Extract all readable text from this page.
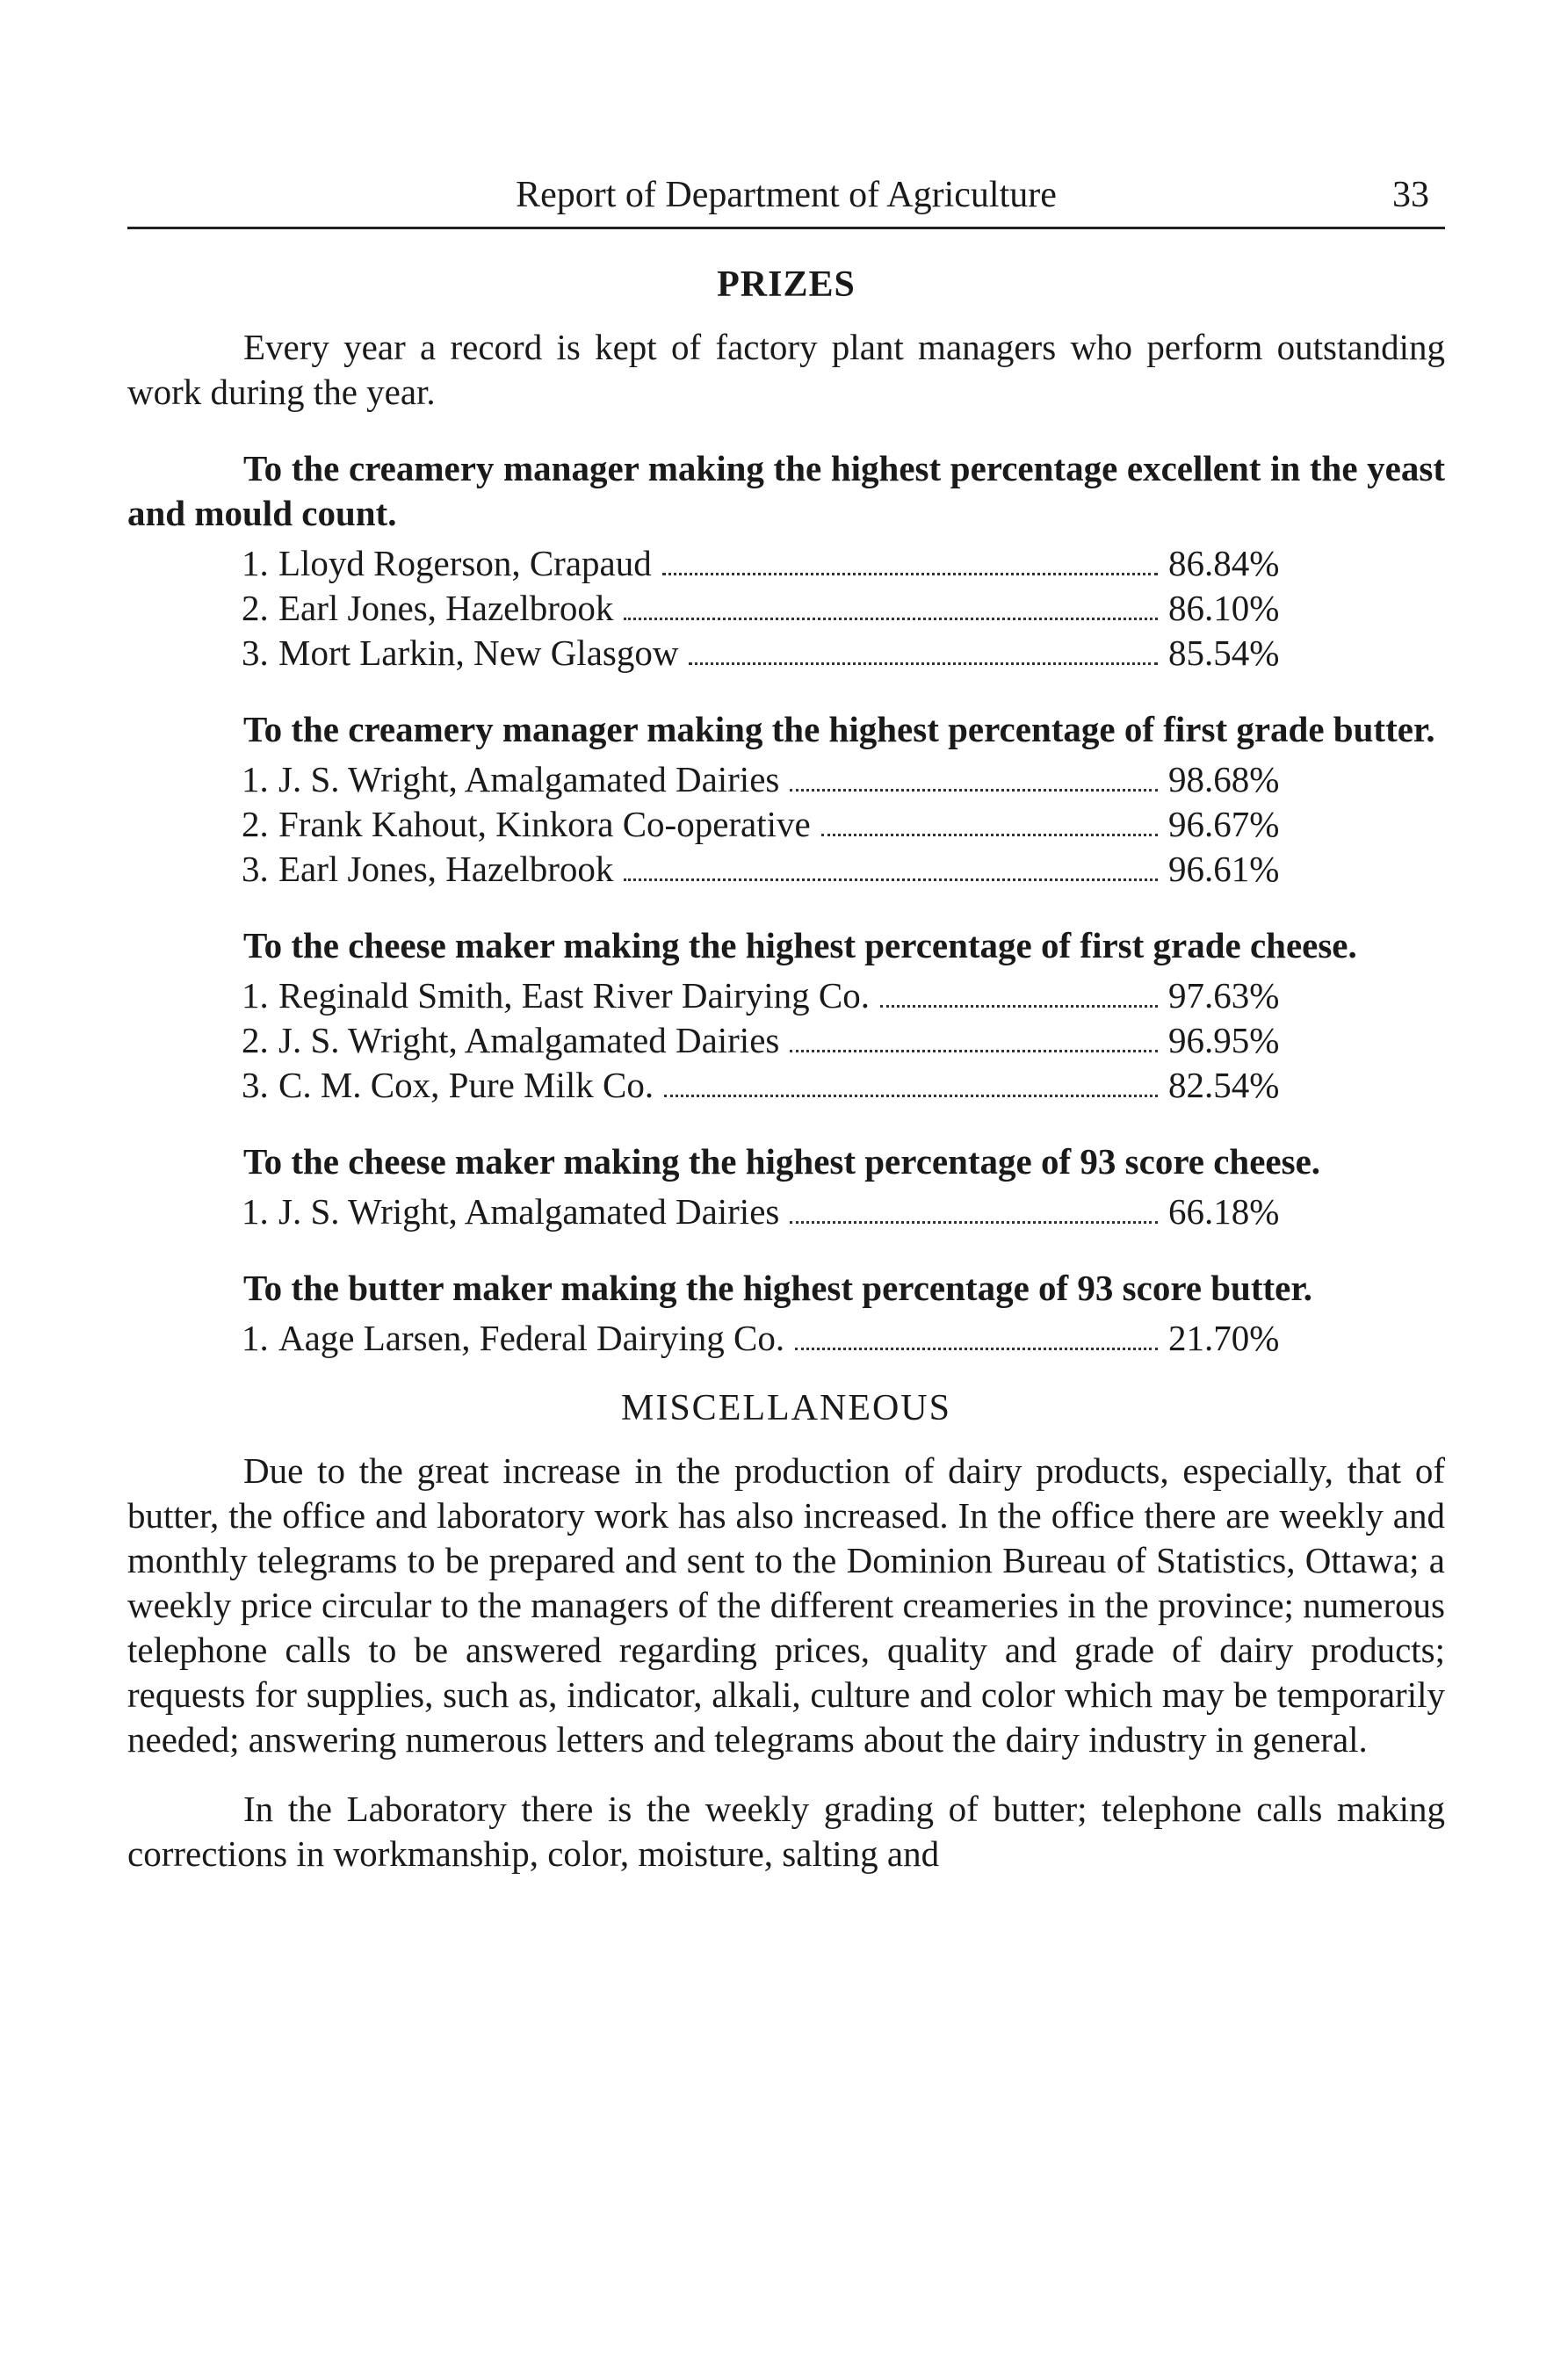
Report of Department of Agriculture	33
PRIZES

Every year a record is kept of factory plant managers who perform outstanding work during the year.

To the creamery manager making the highest percentage excellent in the yeast and mould count.

1. Lloyd Rogerson, Crapaud	86.84%
2. Earl Jones, Hazelbrook	86.10%
3. Mort Larkin, New Glasgow	85.54%

To the creamery manager making the highest percentage of first grade butter.

1. J. S. Wright, Amalgamated Dairies	98.68%
2. Frank Kahout, Kinkora Co-operative	96.67%
3. Earl Jones, Hazelbrook	96.61%

To the cheese maker making the highest percentage of first grade cheese.

1. Reginald Smith, East River Dairying Co.	97.63%
2. J. S. Wright, Amalgamated Dairies	96.95%
3. C. M. Cox, Pure Milk Co.	82.54%

To the cheese maker making the highest percentage of 93 score cheese.

1. J. S. Wright, Amalgamated Dairies	66.18%

To the butter maker making the highest percentage of 93 score butter.

1. Aage Larsen, Federal Dairying Co.	21.70%
MISCELLANEOUS

Due to the great increase in the production of dairy products, especially, that of butter, the office and laboratory work has also increased. In the office there are weekly and monthly telegrams to be prepared and sent to the Dominion Bureau of Statistics, Ottawa; a weekly price circular to the managers of the different creameries in the province; numerous telephone calls to be answered regarding prices, quality and grade of dairy products; requests for supplies, such as, indicator, alkali, culture and color which may be temporarily needed; answering numerous letters and telegrams about the dairy industry in general.

In the Laboratory there is the weekly grading of butter; telephone calls making corrections in workmanship, color, moisture, salting and
